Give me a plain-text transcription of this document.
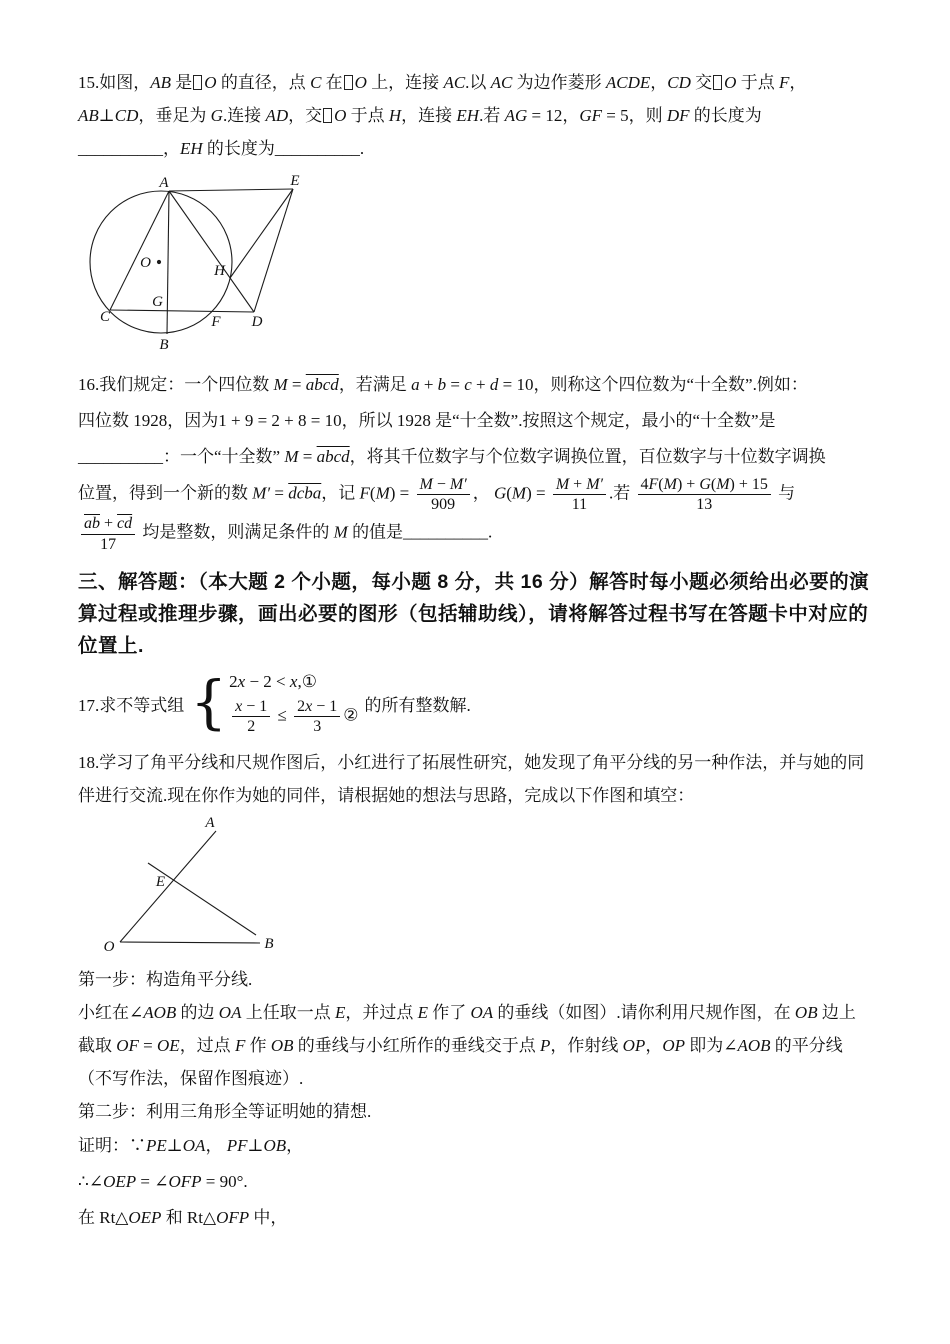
15.如图，AB 是 O 的直径，点 C 在 O 上，连接 AC.以 AC 为边作菱形 ACDE，CD 交 O 于点 F，
AB⊥CD，垂足为 G.连接 AD，交 O 于点 H，连接 EH.若 AG = 12，GF = 5，则 DF 的长度为
__________，EH 的长度为__________.
A	E
O	H
C
G
F D
B
16.我们规定：一个四位数 M = abcd，若满足 a + b = c + d = 10，则称这个四位数为“十全数”.例如：
四位数 1928，因为1 + 9 = 2 + 8 = 10，所以 1928 是“十全数”.按照这个规定，最小的“十全数”是
__________：一个“十全数” M = abcd，将其千位数字与个位数字调换位置，百位数字与十位数字调换
位置，得到一个新的数 M′ = dcba，记 $F(M) = \frac{M - M'}{909}$ ， $G(M) = \frac{M + M'}{11}$ .若 $\frac{4F(M) + G(M) + 15}{13}$ 与
$\frac{\overline{ab} + \overline{cd}}{17}$ 均是整数，则满足条件的 M 的值是__________.
三、解答题：（本大题 2 个小题，每小题 8 分，共 16 分）解答时每小题必须给出必要的演
算过程或推理步骤，画出必要的图形（包括辅助线），请将解答过程书写在答题卡中对应的
位置上.
17.求不等式组 { 2x − 2 < x,①
$\frac{x - 1}{2} \le \frac{2x - 1}{3}$ ② 的所有整数解.
18.学习了角平分线和尺规作图后，小红进行了拓展性研究，她发现了角平分线的另一种作法，并与她的同
伴进行交流.现在你作为她的同伴，请根据她的想法与思路，完成以下作图和填空：
A
O	B
E
第一步：构造角平分线.
小红在∠AOB 的边 OA 上任取一点 E，并过点 E 作了 OA 的垂线（如图）.请你利用尺规作图，在 OB 边上
截取 OF = OE，过点 F 作 OB 的垂线与小红所作的垂线交于点 P，作射线 OP，OP 即为∠AOB 的平分线
（不写作法，保留作图痕迹）.
第二步：利用三角形全等证明她的猜想.
证明：∵PE⊥OA， PF⊥OB，
∴∠OEP = ∠OFP = 90°.
在 Rt△OEP 和 Rt△OFP 中，
